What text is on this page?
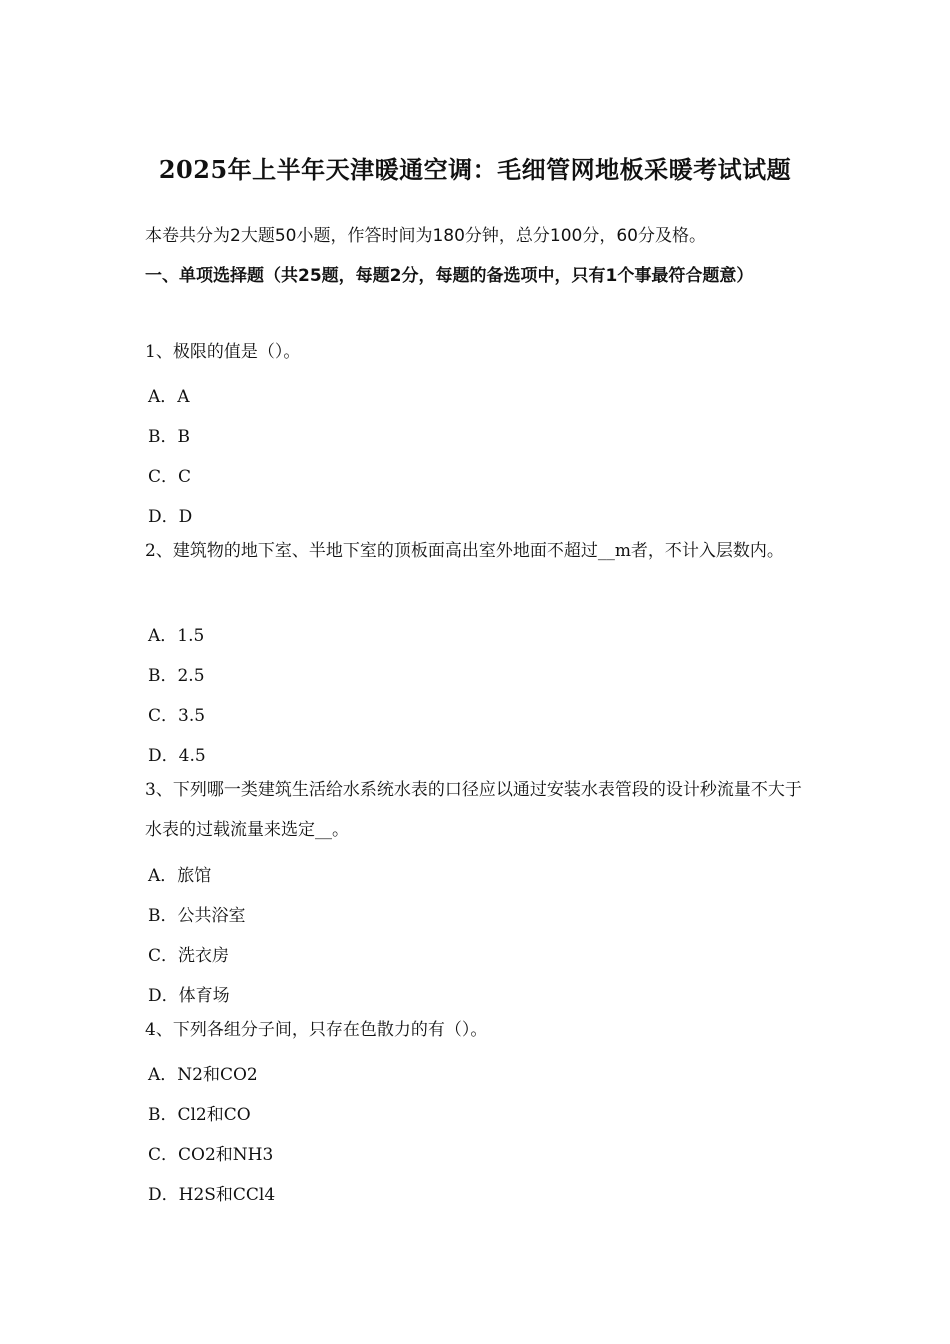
2025年上半年天津暖通空调：毛细管网地板采暖考试试题
本卷共分为2大题50小题，作答时间为180分钟，总分100分，60分及格。
一、单项选择题（共25题，每题2分，每题的备选项中，只有1个事最符合题意）
1、极限的值是（）。
A．A
B．B
C．C
D．D
2、建筑物的地下室、半地下室的顶板面高出室外地面不超过__m者，不计入层数内。
A．1.5
B．2.5
C．3.5
D．4.5
3、下列哪一类建筑生活给水系统水表的口径应以通过安装水表管段的设计秒流量不大于水表的过载流量来选定__。
A．旅馆
B．公共浴室
C．洗衣房
D．体育场
4、下列各组分子间，只存在色散力的有（）。
A．N2和CO2
B．Cl2和CO
C．CO2和NH3
D．H2S和CCl4
